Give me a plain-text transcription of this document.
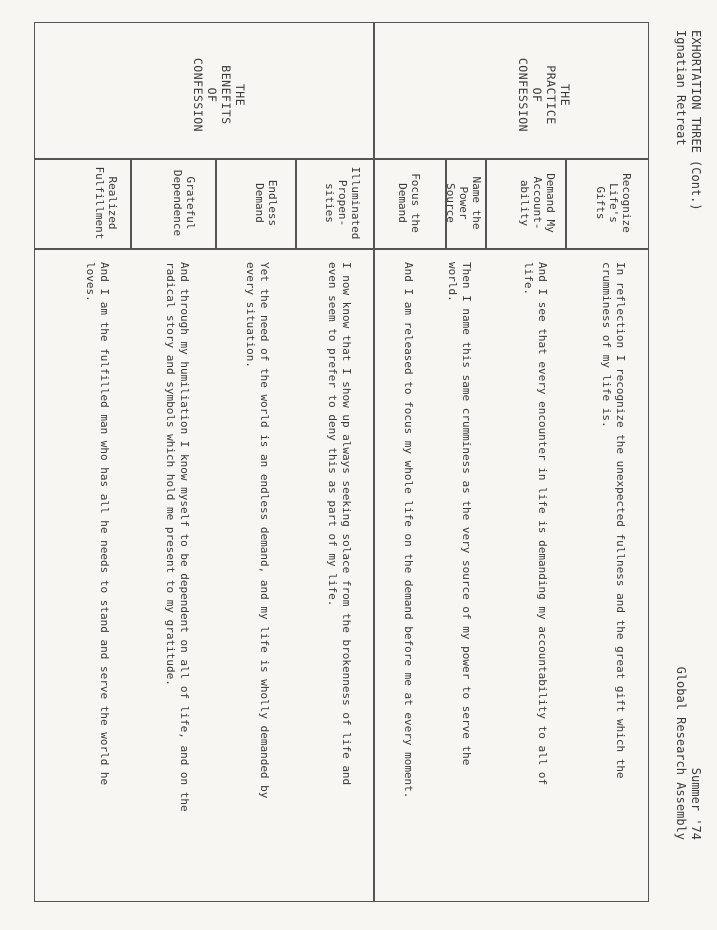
EXHORTATION THREE (Cont.)
Ignatian Retreat
Summer '74
Global Research Assembly
THE
PRACTICE
OF
CONFESSION
THE
BENEFITS
OF
CONFESSION
Recognize
Life's
Gifts
Demand My
Account-
ability
Name the
Power
Source
Focus the
Demand
Illuminated
Propen-
sities
Endless
Demand
Grateful
Dependence
Realized
Fulfillment
In reflection I recognize the unexpected fullness and the great gift which the
crumminess of my life is.
And I see that every encounter in life is demanding my accountability to all of
life.
Then I name this same crumminess as the very source of my power to serve the
world.
And I am released to focus my whole life on the demand before me at every moment.
I now know that I show up always seeking solace from the brokenness of life and
even seem to prefer to deny this as part of my life.
Yet the need of the world is an endless demand, and my life is wholly demanded by
every situation.
And through my humiliation I know myself to be dependent on all of life, and on the
radical story and symbols which hold me present to my gratitude.
And I am the fulfilled man who has all he needs to stand and serve the world he
loves.
